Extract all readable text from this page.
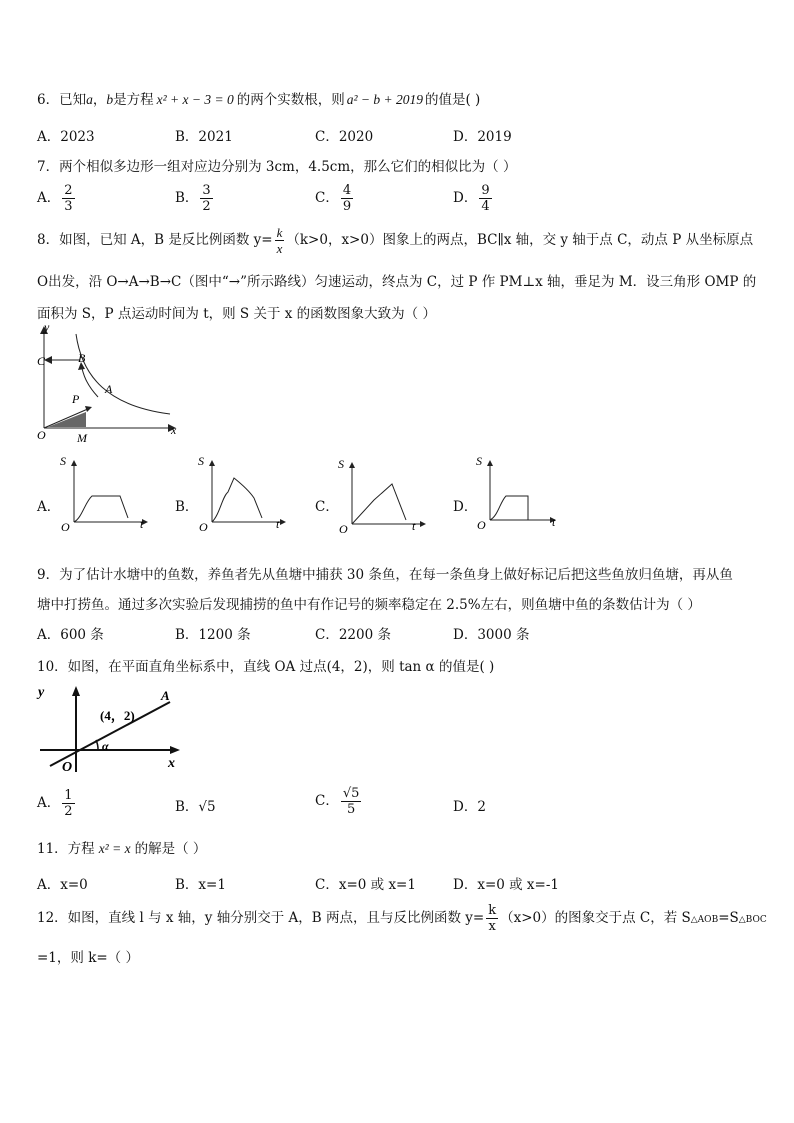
6．已知a，b是方程 x² + x − 3 = 0 的两个实数根，则 a² − b + 2019 的值是( )
A．2023	B．2021	C．2020	D．2019
7．两个相似多边形一组对应边分别为 3cm，4.5cm，那么它们的相似比为（ ）
A． $\frac{2}{3}$	B． $\frac{3}{2}$	C． $\frac{4}{9}$	D． $\frac{9}{4}$
8．如图，已知 A，B 是反比例函数 $y= \frac{k}{x} (k>0$，x>0）图象上的两点，BC∥x 轴，交 y 轴于点 C，动点 P 从坐标原点
O出发，沿 O→A→B→C（图中“→”所示路线）匀速运动，终点为 C，过 P 作 PM⊥x 轴，垂足为 M．设三角形 OMP 的
面积为 S，P 点运动时间为 t，则 S 关于 x 的函数图象大致为（ ）
y
x
C	B
A
P
O	M
A．
S
O	t
B．
S
O	t
C．
S
O	t
D．
S
O	t
9．为了估计水塘中的鱼数，养鱼者先从鱼塘中捕获 30 条鱼，在每一条鱼身上做好标记后把这些鱼放归鱼塘，再从鱼
塘中打捞鱼。通过多次实验后发现捕捞的鱼中有作记号的频率稳定在 2.5%左右，则鱼塘中鱼的条数估计为（ ）
A．600 条	B．1200 条	C．2200 条	D．3000 条
10．如图，在平面直角坐标系中，直线 OA 过点(4，2)，则 tan α 的值是( )
y
x
O
A
(4，2)
α
A． $\frac{1}{2}$	B．√5	C． $\frac{√5}{5}$	D．2
11．方程 x² = x 的解是（ ）
A．x=0	B．x=1	C．x=0 或 x=1	D．x=0 或 x=-1
12．如图，直线 l 与 x 轴，y 轴分别交于 A，B 两点，且与反比例函数 $y= \frac{k}{x} (x>0)$的图象交于点 C，若 S△AOB=S△BOC
=1，则 k=（ ）
